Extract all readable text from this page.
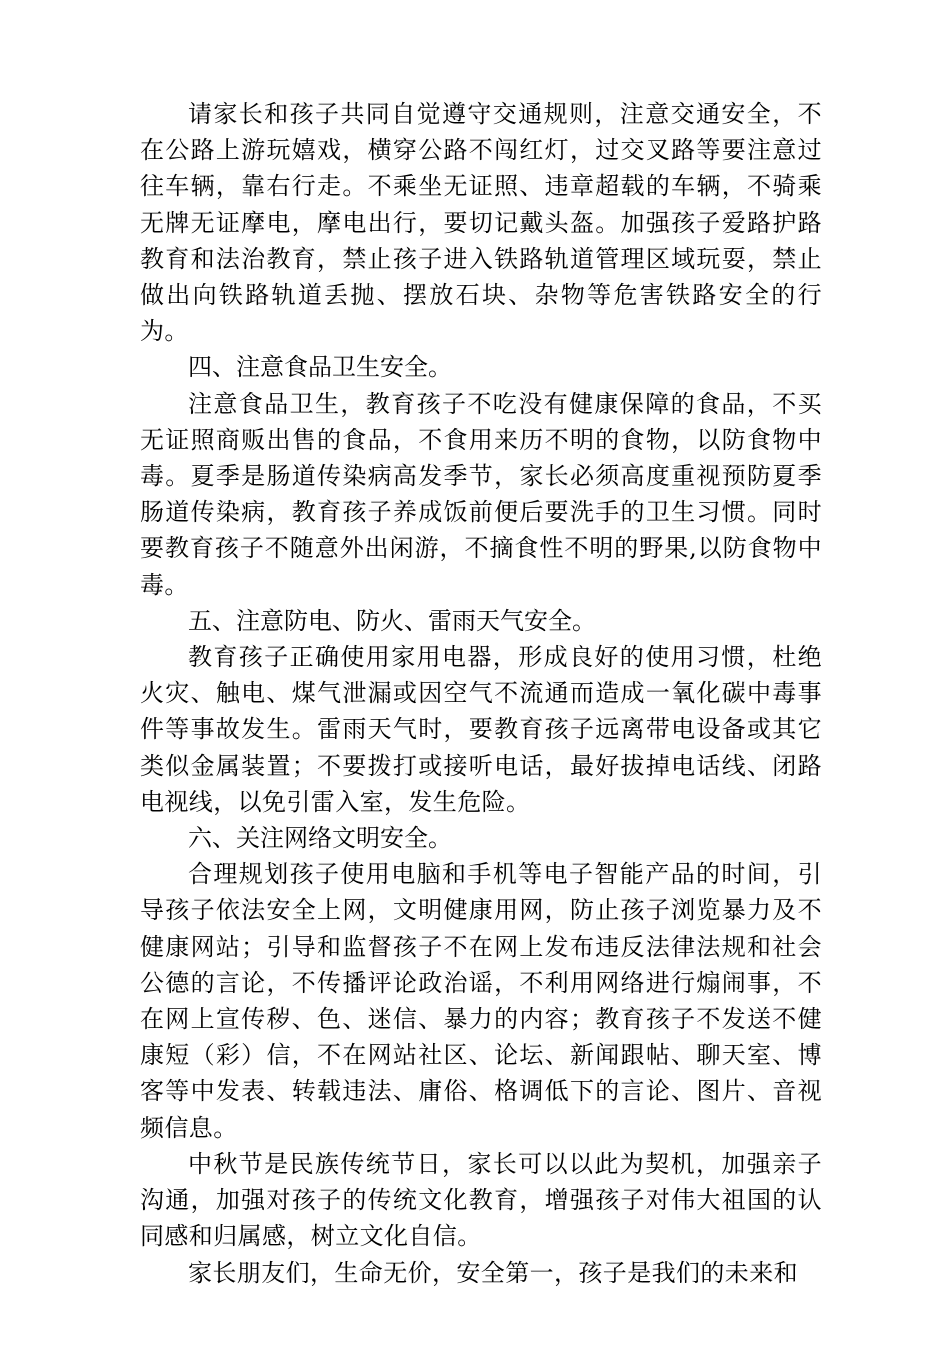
请家长和孩子共同自觉遵守交通规则，注意交通安全，不在公路上游玩嬉戏，横穿公路不闯红灯，过交叉路等要注意过往车辆，靠右行走。不乘坐无证照、违章超载的车辆，不骑乘无牌无证摩电，摩电出行，要切记戴头盔。加强孩子爱路护路教育和法治教育，禁止孩子进入铁路轨道管理区域玩耍，禁止做出向铁路轨道丢抛、摆放石块、杂物等危害铁路安全的行为。

四、注意食品卫生安全。

注意食品卫生，教育孩子不吃没有健康保障的食品，不买无证照商贩出售的食品，不食用来历不明的食物，以防食物中毒。夏季是肠道传染病高发季节，家长必须高度重视预防夏季肠道传染病，教育孩子养成饭前便后要洗手的卫生习惯。同时要教育孩子不随意外出闲游，不摘食性不明的野果,以防食物中毒。

五、注意防电、防火、雷雨天气安全。

教育孩子正确使用家用电器，形成良好的使用习惯，杜绝火灾、触电、煤气泄漏或因空气不流通而造成一氧化碳中毒事件等事故发生。雷雨天气时，要教育孩子远离带电设备或其它类似金属装置；不要拨打或接听电话，最好拔掉电话线、闭路电视线，以免引雷入室，发生危险。

六、关注网络文明安全。

合理规划孩子使用电脑和手机等电子智能产品的时间，引导孩子依法安全上网，文明健康用网，防止孩子浏览暴力及不健康网站；引导和监督孩子不在网上发布违反法律法规和社会公德的言论，不传播评论政治谣，不利用网络进行煽闹事，不在网上宣传秽、色、迷信、暴力的内容；教育孩子不发送不健康短（彩）信，不在网站社区、论坛、新闻跟帖、聊天室、博客等中发表、转载违法、庸俗、格调低下的言论、图片、音视频信息。

中秋节是民族传统节日，家长可以以此为契机，加强亲子沟通，加强对孩子的传统文化教育，增强孩子对伟大祖国的认同感和归属感，树立文化自信。

家长朋友们，生命无价，安全第一，孩子是我们的未来和
